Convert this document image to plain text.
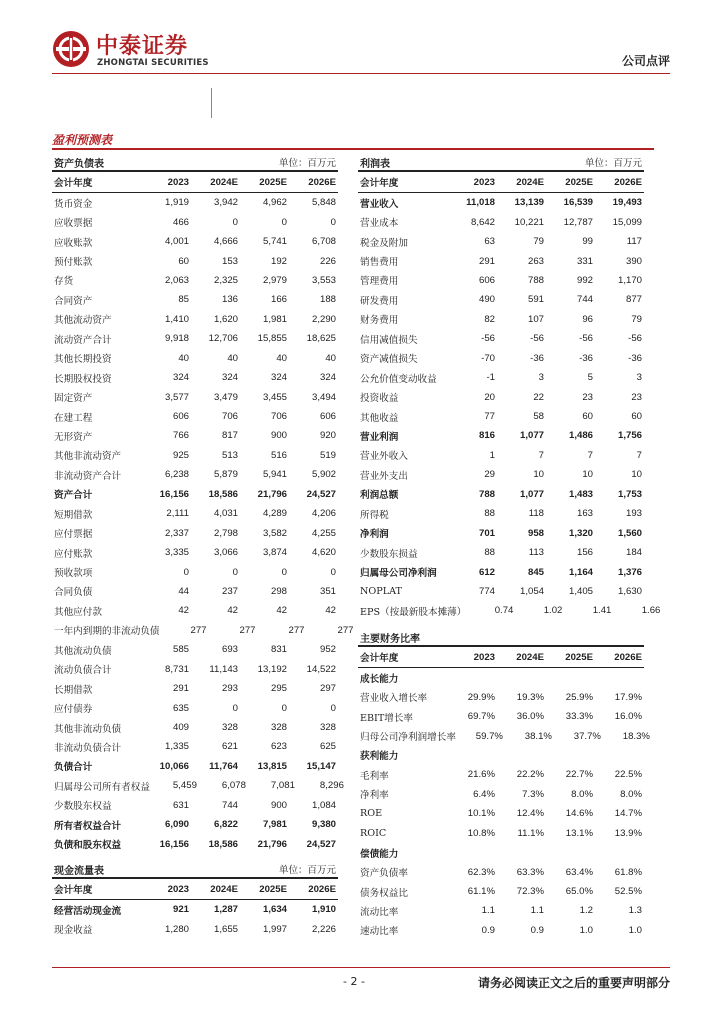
中泰证券
ZHONGTAI SECURITIES	公司点评
盈利预测表
资产负债表	单位：百万元
会计年度	2023	2024E	2025E	2026E
货币资金	1,919	3,942	4,962	5,848
应收票据	466	0	0	0
应收账款	4,001	4,666	5,741	6,708
预付账款	60	153	192	226
存货	2,063	2,325	2,979	3,553
合同资产	85	136	166	188
其他流动资产	1,410	1,620	1,981	2,290
流动资产合计	9,918	12,706	15,855	18,625
其他长期投资	40	40	40	40
长期股权投资	324	324	324	324
固定资产	3,577	3,479	3,455	3,494
在建工程	606	706	706	606
无形资产	766	817	900	920
其他非流动资产	925	513	516	519
非流动资产合计	6,238	5,879	5,941	5,902
资产合计	16,156	18,586	21,796	24,527
短期借款	2,111	4,031	4,289	4,206
应付票据	2,337	2,798	3,582	4,255
应付账款	3,335	3,066	3,874	4,620
预收款项	0	0	0	0
合同负债	44	237	298	351
其他应付款	42	42	42	42
一年内到期的非流动负债	277	277	277	277
其他流动负债	585	693	831	952
流动负债合计	8,731	11,143	13,192	14,522
长期借款	291	293	295	297
应付债券	635	0	0	0
其他非流动负债	409	328	328	328
非流动负债合计	1,335	621	623	625
负债合计	10,066	11,764	13,815	15,147
归属母公司所有者权益	5,459	6,078	7,081	8,296
少数股东权益	631	744	900	1,084
所有者权益合计	6,090	6,822	7,981	9,380
负债和股东权益	16,156	18,586	21,796	24,527
现金流量表	单位：百万元
会计年度	2023	2024E	2025E	2026E
经营活动现金流	921	1,287	1,634	1,910
现金收益	1,280	1,655	1,997	2,226
利润表	单位：百万元
会计年度	2023	2024E	2025E	2026E
营业收入	11,018	13,139	16,539	19,493
营业成本	8,642	10,221	12,787	15,099
税金及附加	63	79	99	117
销售费用	291	263	331	390
管理费用	606	788	992	1,170
研发费用	490	591	744	877
财务费用	82	107	96	79
信用减值损失	-56	-56	-56	-56
资产减值损失	-70	-36	-36	-36
公允价值变动收益	-1	3	5	3
投资收益	20	22	23	23
其他收益	77	58	60	60
营业利润	816	1,077	1,486	1,756
营业外收入	1	7	7	7
营业外支出	29	10	10	10
利润总额	788	1,077	1,483	1,753
所得税	88	118	163	193
净利润	701	958	1,320	1,560
少数股东损益	88	113	156	184
归属母公司净利润	612	845	1,164	1,376
NOPLAT	774	1,054	1,405	1,630
EPS（按最新股本摊薄）	0.74	1.02	1.41	1.66
主要财务比率
会计年度	2023	2024E	2025E	2026E
成长能力
营业收入增长率	29.9%	19.3%	25.9%	17.9%
EBIT增长率	69.7%	36.0%	33.3%	16.0%
归母公司净利润增长率	59.7%	38.1%	37.7%	18.3%
获利能力
毛利率	21.6%	22.2%	22.7%	22.5%
净利率	6.4%	7.3%	8.0%	8.0%
ROE	10.1%	12.4%	14.6%	14.7%
ROIC	10.8%	11.1%	13.1%	13.9%
偿债能力
资产负债率	62.3%	63.3%	63.4%	61.8%
债务权益比	61.1%	72.3%	65.0%	52.5%
流动比率	1.1	1.1	1.2	1.3
速动比率	0.9	0.9	1.0	1.0
- 2 -	请务必阅读正文之后的重要声明部分
